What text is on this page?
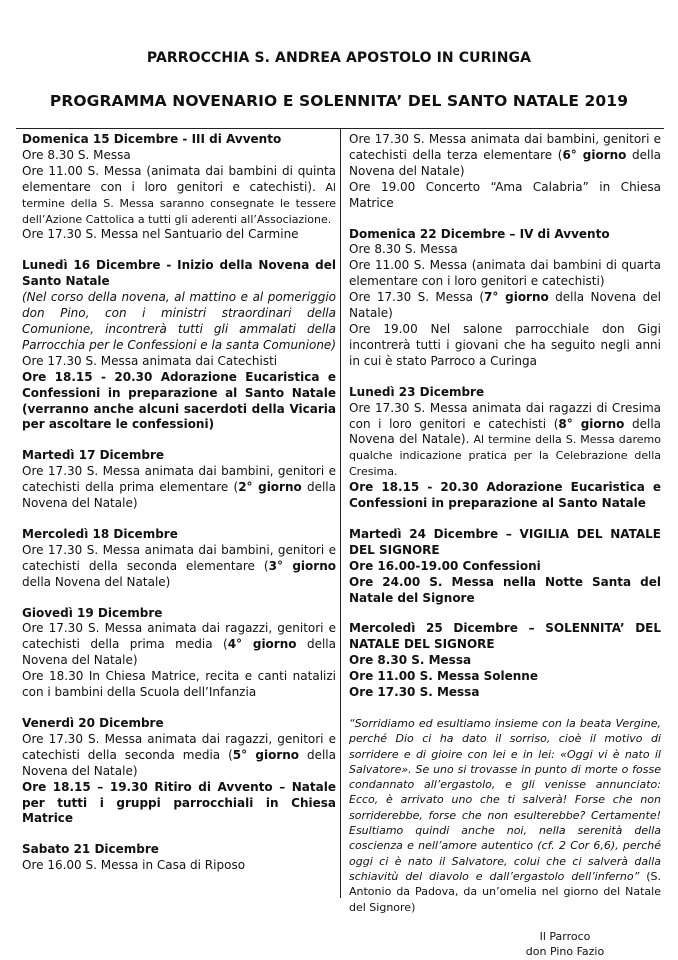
PARROCCHIA S. ANDREA APOSTOLO IN CURINGA
PROGRAMMA NOVENARIO E SOLENNITA’ DEL SANTO NATALE 2019

Domenica 15 Dicembre - III di Avvento

Ore 8.30 S. Messa

Ore 11.00 S. Messa (animata dai bambini di quinta elementare con i loro genitori e catechisti). Al termine della S. Messa saranno consegnate le tessere dell’Azione Cattolica a tutti gli aderenti all’Associazione.

Ore 17.30 S. Messa nel Santuario del Carmine

Lunedì 16 Dicembre - Inizio della Novena del Santo Natale

(Nel corso della novena, al mattino e al pomeriggio don Pino, con i ministri straordinari della Comunione, incontrerà tutti gli ammalati della Parrocchia per le Confessioni e la santa Comunione)

Ore 17.30 S. Messa animata dai Catechisti

Ore 18.15 - 20.30 Adorazione Eucaristica e Confessioni in preparazione al Santo Natale (verranno anche alcuni sacerdoti della Vicaria per ascoltare le confessioni)

Martedì 17 Dicembre

Ore 17.30 S. Messa animata dai bambini, genitori e catechisti della prima elementare (2° giorno della Novena del Natale)

Mercoledì 18 Dicembre

Ore 17.30 S. Messa animata dai bambini, genitori e catechisti della seconda elementare (3° giorno della Novena del Natale)

Giovedì 19 Dicembre

Ore 17.30 S. Messa animata dai ragazzi, genitori e catechisti della prima media (4° giorno della Novena del Natale)

Ore 18.30 In Chiesa Matrice, recita e canti natalizi con i bambini della Scuola dell’Infanzia

Venerdì 20 Dicembre

Ore 17.30 S. Messa animata dai ragazzi, genitori e catechisti della seconda media (5° giorno della Novena del Natale)

Ore 18.15 – 19.30 Ritiro di Avvento – Natale per tutti i gruppi parrocchiali in Chiesa Matrice

Sabato 21 Dicembre

Ore 16.00 S. Messa in Casa di Riposo

Ore 17.30 S. Messa animata dai bambini, genitori e catechisti della terza elementare (6° giorno della Novena del Natale)

Ore 19.00 Concerto “Ama Calabria” in Chiesa Matrice

Domenica 22 Dicembre – IV di Avvento

Ore 8.30 S. Messa

Ore 11.00 S. Messa (animata dai bambini di quarta elementare con i loro genitori e catechisti)

Ore 17.30 S. Messa (7° giorno della Novena del Natale)

Ore 19.00 Nel salone parrocchiale don Gigi incontrerà tutti i giovani che ha seguito negli anni in cui è stato Parroco a Curinga

Lunedì 23 Dicembre

Ore 17.30 S. Messa animata dai ragazzi di Cresima con i loro genitori e catechisti (8° giorno della Novena del Natale). Al termine della S. Messa daremo qualche indicazione pratica per la Celebrazione della Cresima.

Ore 18.15 - 20.30 Adorazione Eucaristica e Confessioni in preparazione al Santo Natale

Martedì 24 Dicembre – VIGILIA DEL NATALE DEL SIGNORE

Ore 16.00-19.00 Confessioni

Ore 24.00 S. Messa nella Notte Santa del Natale del Signore

Mercoledì 25 Dicembre – SOLENNITA’ DEL NATALE DEL SIGNORE

Ore 8.30 S. Messa

Ore 11.00 S. Messa Solenne

Ore 17.30 S. Messa

“Sorridiamo ed esultiamo insieme con la beata Vergine, perché Dio ci ha dato il sorriso, cioè il motivo di sorridere e di gioire con lei e in lei: «Oggi vi è nato il Salvatore». Se uno si trovasse in punto di morte o fosse condannato all’ergastolo, e gli venisse annunciato: Ecco, è arrivato uno che ti salverà! Forse che non sorriderebbe, forse che non esulterebbe? Certamente! Esultiamo quindi anche noi, nella serenità della coscienza e nell’amore autentico (cf. 2 Cor 6,6), perché oggi ci è nato il Salvatore, colui che ci salverà dalla schiavitù del diavolo e dall’ergastolo dell’inferno” (S. Antonio da Padova, da un’omelia nel giorno del Natale del Signore)
Il Parroco
don Pino Fazio
